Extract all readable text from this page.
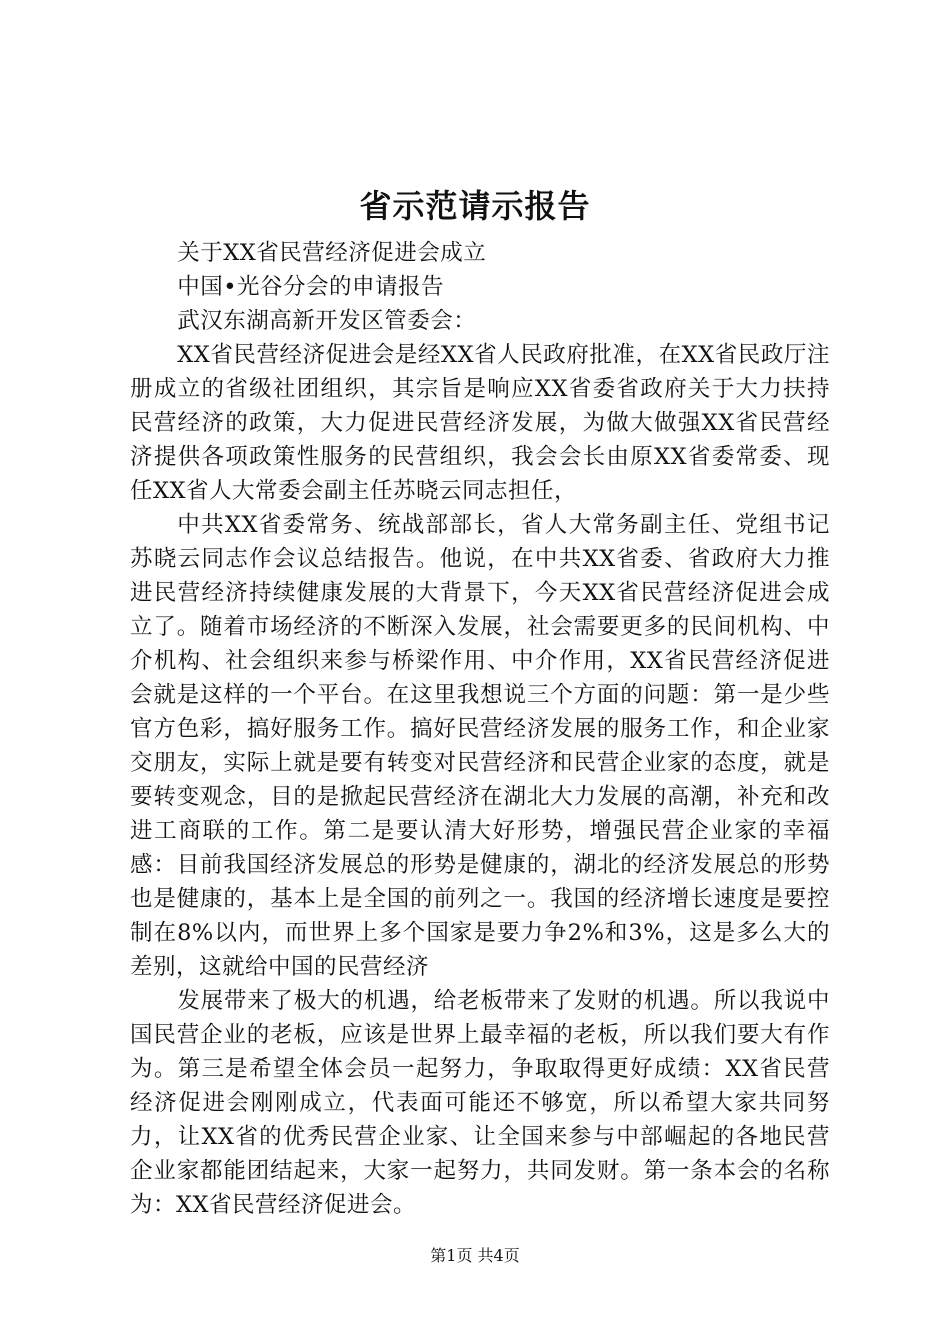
省示范请示报告

关于XX省民营经济促进会成立

中国•光谷分会的申请报告

武汉东湖高新开发区管委会：

XX省民营经济促进会是经XX省人民政府批准，在XX省民政厅注册成立的省级社团组织，其宗旨是响应XX省委省政府关于大力扶持民营经济的政策，大力促进民营经济发展，为做大做强XX省民营经济提供各项政策性服务的民营组织，我会会长由原XX省委常委、现任XX省人大常委会副主任苏晓云同志担任，

中共XX省委常务、统战部部长，省人大常务副主任、党组书记苏晓云同志作会议总结报告。他说，在中共XX省委、省政府大力推进民营经济持续健康发展的大背景下，今天XX省民营经济促进会成立了。随着市场经济的不断深入发展，社会需要更多的民间机构、中介机构、社会组织来参与桥梁作用、中介作用，XX省民营经济促进会就是这样的一个平台。在这里我想说三个方面的问题：第一是少些官方色彩，搞好服务工作。搞好民营经济发展的服务工作，和企业家交朋友，实际上就是要有转变对民营经济和民营企业家的态度，就是要转变观念，目的是掀起民营经济在湖北大力发展的高潮，补充和改进工商联的工作。第二是要认清大好形势，增强民营企业家的幸福感：目前我国经济发展总的形势是健康的，湖北的经济发展总的形势也是健康的，基本上是全国的前列之一。我国的经济增长速度是要控制在8%以内，而世界上多个国家是要力争2%和3%，这是多么大的差别，这就给中国的民营经济

发展带来了极大的机遇，给老板带来了发财的机遇。所以我说中国民营企业的老板，应该是世界上最幸福的老板，所以我们要大有作为。第三是希望全体会员一起努力，争取取得更好成绩：XX省民营经济促进会刚刚成立，代表面可能还不够宽，所以希望大家共同努力，让XX省的优秀民营企业家、让全国来参与中部崛起的各地民营企业家都能团结起来，大家一起努力，共同发财。第一条本会的名称为：XX省民营经济促进会。

第1页 共4页
